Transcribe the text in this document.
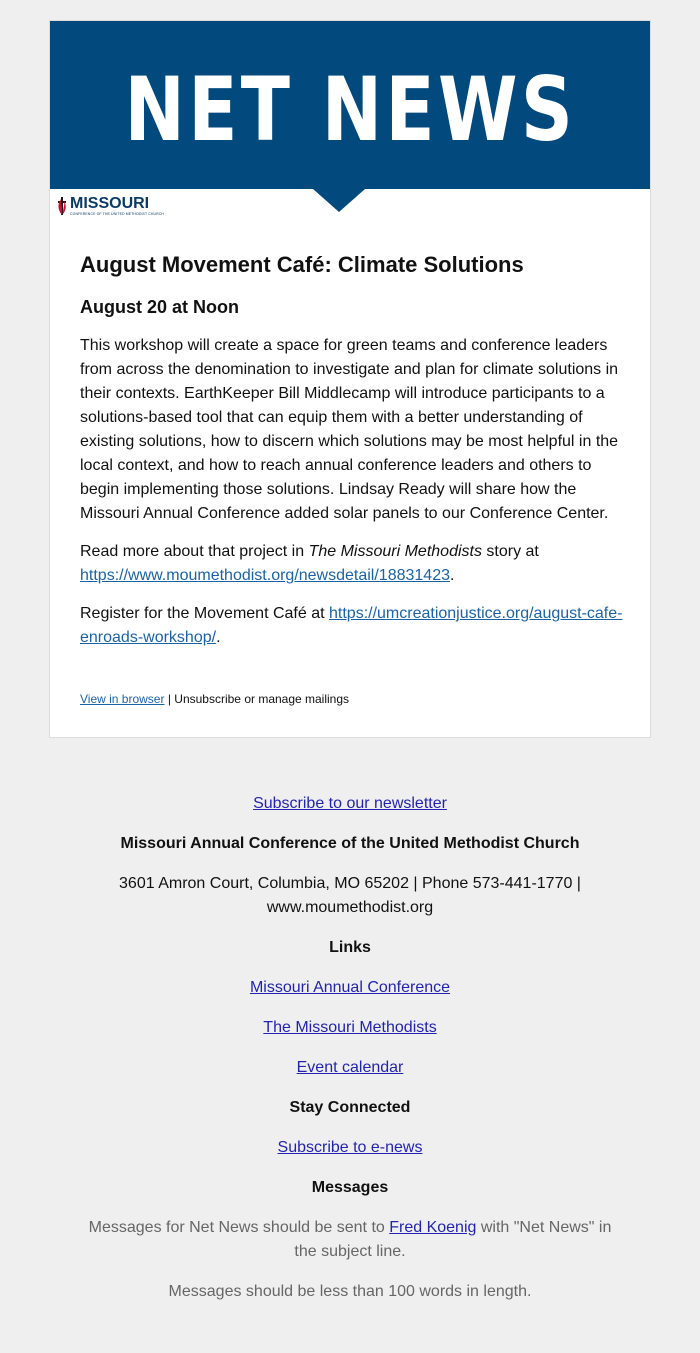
NET NEWS
MISSOURI
CONFERENCE OF THE UNITED METHODIST CHURCH
August Movement Café: Climate Solutions
August 20 at Noon

This workshop will create a space for green teams and conference leaders from across the denomination to investigate and plan for climate solutions in their contexts. EarthKeeper Bill Middlecamp will introduce participants to a solutions-based tool that can equip them with a better understanding of existing solutions, how to discern which solutions may be most helpful in the local context, and how to reach annual conference leaders and others to begin implementing those solutions. Lindsay Ready will share how the Missouri Annual Conference added solar panels to our Conference Center.

Read more about that project in The Missouri Methodists story at https://www.moumethodist.org/newsdetail/18831423.

Register for the Movement Café at https://umcreationjustice.org/august-cafe-enroads-workshop/.

View in browser | Unsubscribe or manage mailings
Subscribe to our newsletter
Missouri Annual Conference of the United Methodist Church
3601 Amron Court, Columbia, MO 65202 | Phone 573-441-1770 | www.moumethodist.org
Links
Missouri Annual Conference
The Missouri Methodists
Event calendar
Stay Connected
Subscribe to e-news
Messages
Messages for Net News should be sent to Fred Koenig with "Net News" in the subject line.
Messages should be less than 100 words in length.
